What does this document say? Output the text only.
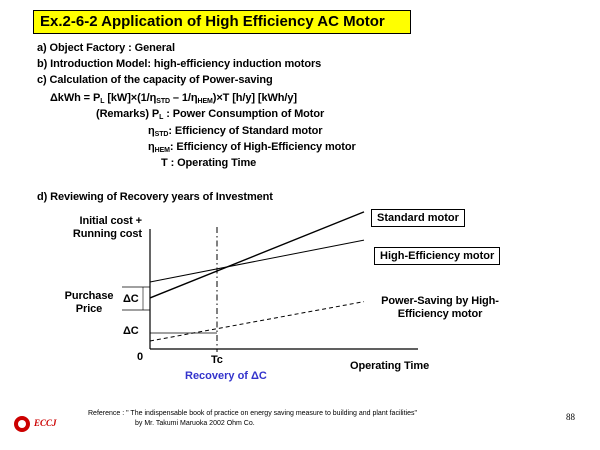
Ex.2-6-2 Application of High Efficiency AC Motor
a) Object Factory : General
b) Introduction Model: high-efficiency induction motors
c) Calculation of the capacity of Power-saving
$\Delta kWh = P_L$ $[kW]\times(1/\eta_{STD} - 1/\eta_{HEM})\times T$ [h/y] [kWh/y]
(Remarks) $P_L$ : Power Consumption of Motor
$\eta_{STD}$: Efficiency of Standard motor
$\eta_{HEM}$: Efficiency of High-Efficiency motor
T : Operating Time
d) Reviewing of Recovery years of Investment
Initial cost + Running cost
Operating Time
Standard motor
High-Efficiency motor
Power-Saving by High-Efficiency motor
Purchase Price
ΔC
ΔC
0	Tc
Recovery of ΔC
ECCJ
Reference : " The indispensable book of practice on energy saving measure to building and plant facilities"
by Mr. Takumi Maruoka 2002 Ohm Co.
88
